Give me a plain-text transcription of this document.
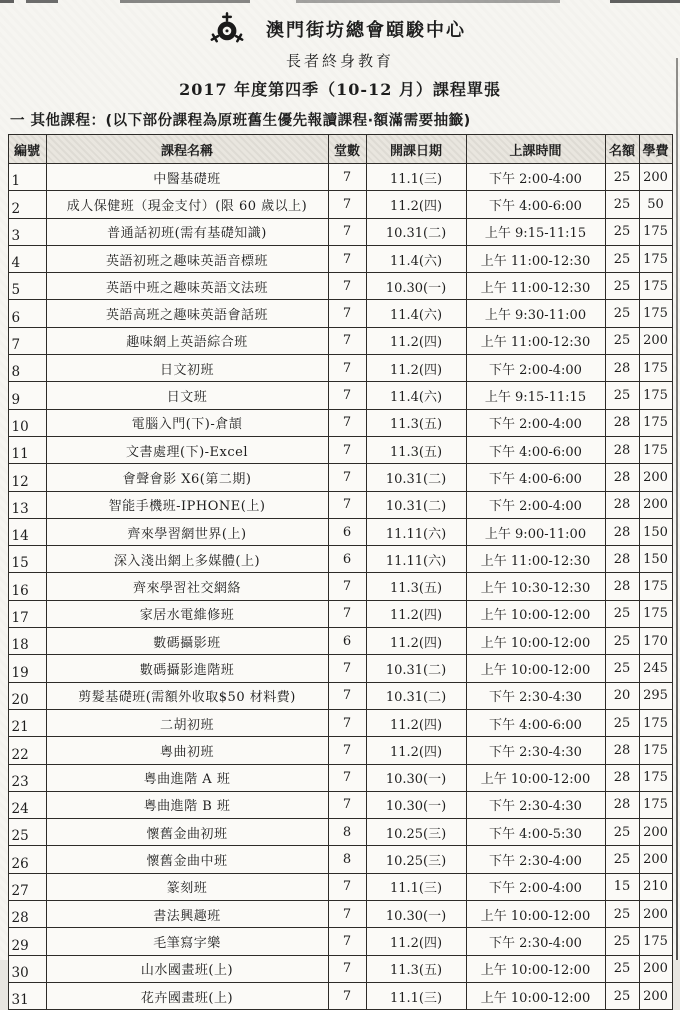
澳門街坊總會頤駿中心
長者終身教育
2017 年度第四季（10-12 月）課程單張
一 其他課程：(以下部份課程為原班舊生優先報讀課程·額滿需要抽籤)
編號	課程名稱	堂數	開課日期	上課時間	名額	學費
1	中醫基礎班	7	11.1(三)	下午 2:00-4:00	25	200
2	成人保健班（現金支付）(限 60 歲以上)	7	11.2(四)	下午 4:00-6:00	25	50
3	普通話初班(需有基礎知識)	7	10.31(二)	上午 9:15-11:15	25	175
4	英語初班之趣味英語音標班	7	11.4(六)	上午 11:00-12:30	25	175
5	英語中班之趣味英語文法班	7	10.30(一)	上午 11:00-12:30	25	175
6	英語高班之趣味英語會話班	7	11.4(六)	上午 9:30-11:00	25	175
7	趣味網上英語綜合班	7	11.2(四)	上午 11:00-12:30	25	200
8	日文初班	7	11.2(四)	下午 2:00-4:00	28	175
9	日文班	7	11.4(六)	上午 9:15-11:15	25	175
10	電腦入門(下)-倉頡	7	11.3(五)	下午 2:00-4:00	28	175
11	文書處理(下)-Excel	7	11.3(五)	下午 4:00-6:00	28	175
12	會聲會影 X6(第二期)	7	10.31(二)	下午 4:00-6:00	28	200
13	智能手機班-IPHONE(上)	7	10.31(二)	下午 2:00-4:00	28	200
14	齊來學習網世界(上)	6	11.11(六)	上午 9:00-11:00	28	150
15	深入淺出網上多媒體(上)	6	11.11(六)	上午 11:00-12:30	28	150
16	齊來學習社交網絡	7	11.3(五)	上午 10:30-12:30	28	175
17	家居水電維修班	7	11.2(四)	上午 10:00-12:00	25	175
18	數碼攝影班	6	11.2(四)	上午 10:00-12:00	25	170
19	數碼攝影進階班	7	10.31(二)	上午 10:00-12:00	25	245
20	剪髮基礎班(需額外收取$50 材料費)	7	10.31(二)	下午 2:30-4:30	20	295
21	二胡初班	7	11.2(四)	下午 4:00-6:00	25	175
22	粵曲初班	7	11.2(四)	下午 2:30-4:30	28	175
23	粵曲進階 A 班	7	10.30(一)	上午 10:00-12:00	28	175
24	粵曲進階 B 班	7	10.30(一)	下午 2:30-4:30	28	175
25	懷舊金曲初班	8	10.25(三)	下午 4:00-5:30	25	200
26	懷舊金曲中班	8	10.25(三)	下午 2:30-4:00	25	200
27	篆刻班	7	11.1(三)	下午 2:00-4:00	15	210
28	書法興趣班	7	10.30(一)	上午 10:00-12:00	25	200
29	毛筆寫字樂	7	11.2(四)	下午 2:30-4:00	25	175
30	山水國畫班(上)	7	11.3(五)	上午 10:00-12:00	25	200
31	花卉國畫班(上)	7	11.1(三)	上午 10:00-12:00	25	200
